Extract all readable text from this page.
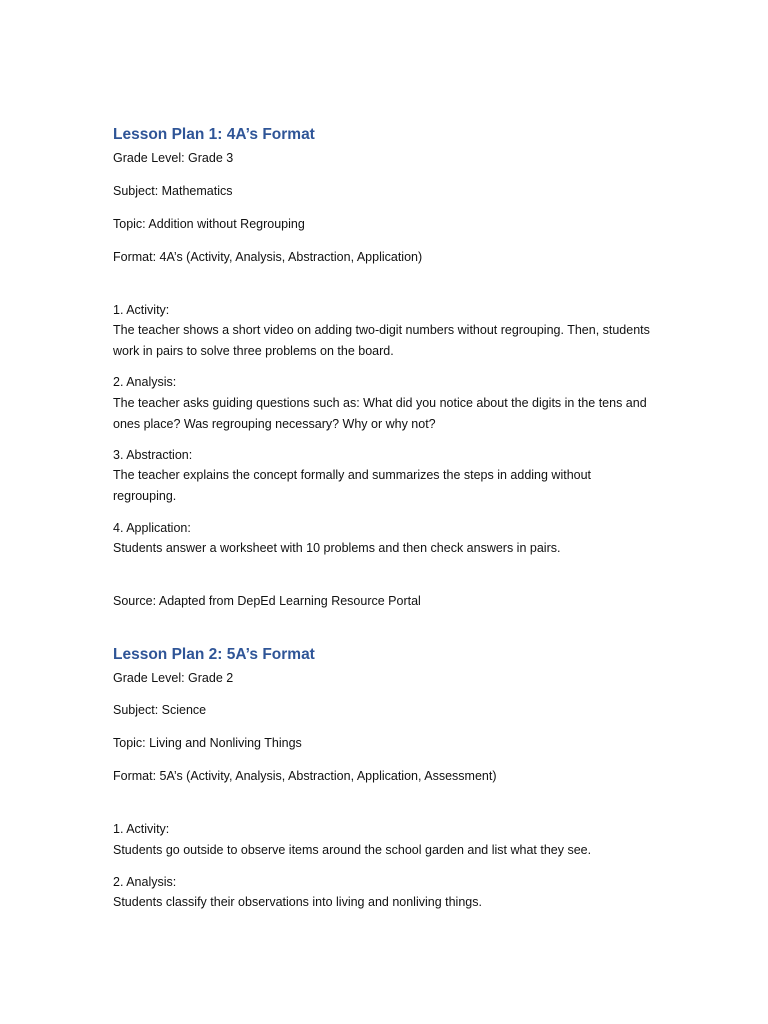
Lesson Plan 1: 4A’s Format

Grade Level: Grade 3

Subject: Mathematics

Topic: Addition without Regrouping

Format: 4A’s (Activity, Analysis, Abstraction, Application)

1. Activity:

The teacher shows a short video on adding two-digit numbers without regrouping. Then, students work in pairs to solve three problems on the board.

2. Analysis:

The teacher asks guiding questions such as: What did you notice about the digits in the tens and ones place? Was regrouping necessary? Why or why not?

3. Abstraction:

The teacher explains the concept formally and summarizes the steps in adding without regrouping.

4. Application:

Students answer a worksheet with 10 problems and then check answers in pairs.

Source: Adapted from DepEd Learning Resource Portal

Lesson Plan 2: 5A’s Format

Grade Level: Grade 2

Subject: Science

Topic: Living and Nonliving Things

Format: 5A’s (Activity, Analysis, Abstraction, Application, Assessment)

1. Activity:

Students go outside to observe items around the school garden and list what they see.

2. Analysis:

Students classify their observations into living and nonliving things.
